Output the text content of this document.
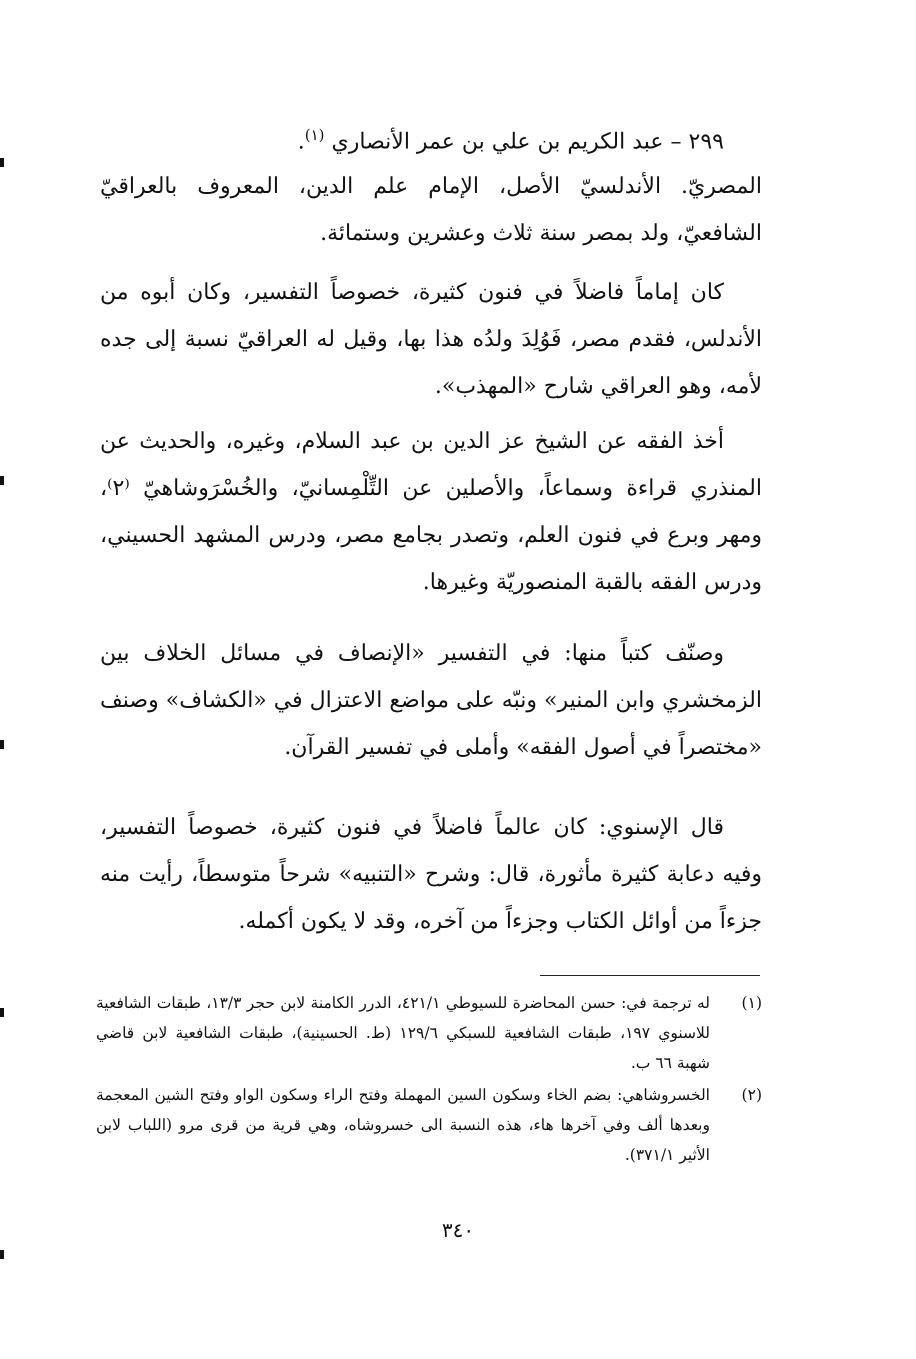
٢٩٩ – عبد الكريم بن علي بن عمر الأنصاري $^{(١)}$.
المصريّ. الأندلسيّ الأصل، الإمام علم الدين، المعروف بالعراقيّ الشافعيّ، ولد بمصر سنة ثلاث وعشرين وستمائة.
كان إماماً فاضلاً في فنون كثيرة، خصوصاً التفسير، وكان أبوه من الأندلس، فقدم مصر، فَوُلِدَ ولدُه هذا بها، وقيل له العراقيّ نسبة إلى جده لأمه، وهو العراقي شارح «المهذب».
أخذ الفقه عن الشيخ عز الدين بن عبد السلام، وغيره، والحديث عن المنذري قراءة وسماعاً، والأصلين عن التِّلْمِسانيّ، والخُسْرَوشاهيّ ⁽٢⁾، ومهر وبرع في فنون العلم، وتصدر بجامع مصر، ودرس المشهد الحسيني، ودرس الفقه بالقبة المنصوريّة وغيرها.
وصنّف كتباً منها: في التفسير «الإنصاف في مسائل الخلاف بين الزمخشري وابن المنير» ونبّه على مواضع الاعتزال في «الكشاف» وصنف «مختصراً في أصول الفقه» وأملى في تفسير القرآن.
قال الإسنوي: كان عالماً فاضلاً في فنون كثيرة، خصوصاً التفسير، وفيه دعابة كثيرة مأثورة، قال: وشرح «التنبيه» شرحاً متوسطاً، رأيت منه جزءاً من أوائل الكتاب وجزءاً من آخره، وقد لا يكون أكمله.
(١)
له ترجمة في: حسن المحاضرة للسيوطي ٤٢١/١، الدرر الكامنة لابن حجر ١٣/٣، طبقات الشافعية للاسنوي ١٩٧، طبقات الشافعية للسبكي ١٢٩/٦ (ط. الحسينية)، طبقات الشافعية لابن قاضي شهبة ٦٦ ب.
(٢)
الخسروشاهي: بضم الخاء وسكون السين المهملة وفتح الراء وسكون الواو وفتح الشين المعجمة وبعدها ألف وفي آخرها هاء، هذه النسبة الى خسروشاه، وهي قرية من قرى مرو (اللباب لابن الأثير ٣٧١/١).
٣٤٠
